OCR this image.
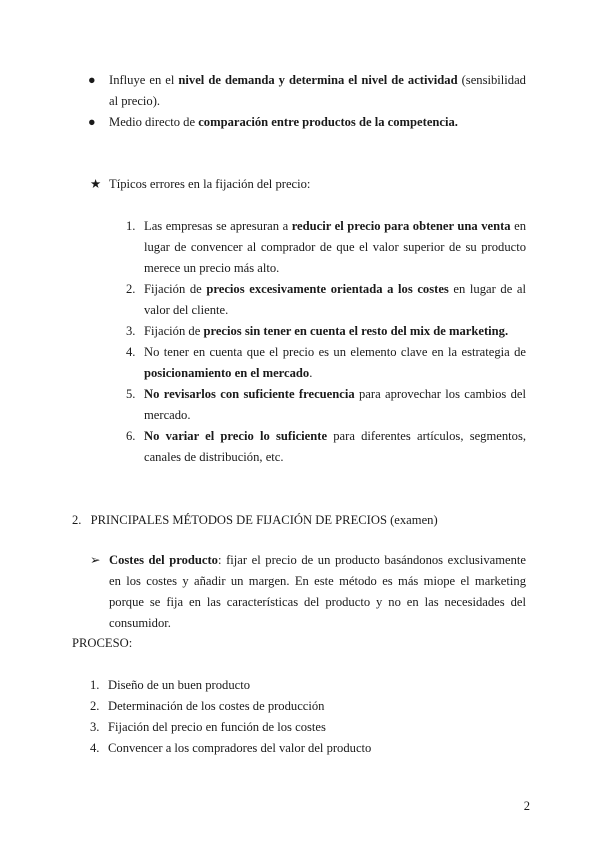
● Influye en el nivel de demanda y determina el nivel de actividad (sensibilidad al precio).
● Medio directo de comparación entre productos de la competencia.
★ Típicos errores en la fijación del precio:
1. Las empresas se apresuran a reducir el precio para obtener una venta en lugar de convencer al comprador de que el valor superior de su producto merece un precio más alto.
2. Fijación de precios excesivamente orientada a los costes en lugar de al valor del cliente.
3. Fijación de precios sin tener en cuenta el resto del mix de marketing.
4. No tener en cuenta que el precio es un elemento clave en la estrategia de posicionamiento en el mercado.
5. No revisarlos con suficiente frecuencia para aprovechar los cambios del mercado.
6. No variar el precio lo suficiente para diferentes artículos, segmentos, canales de distribución, etc.
2. PRINCIPALES MÉTODOS DE FIJACIÓN DE PRECIOS (examen)
➢ Costes del producto: fijar el precio de un producto basándonos exclusivamente en los costes y añadir un margen. En este método es más miope el marketing porque se fija en las características del producto y no en las necesidades del consumidor.
PROCESO:
1. Diseño de un buen producto
2. Determinación de los costes de producción
3. Fijación del precio en función de los costes
4. Convencer a los compradores del valor del producto
2
